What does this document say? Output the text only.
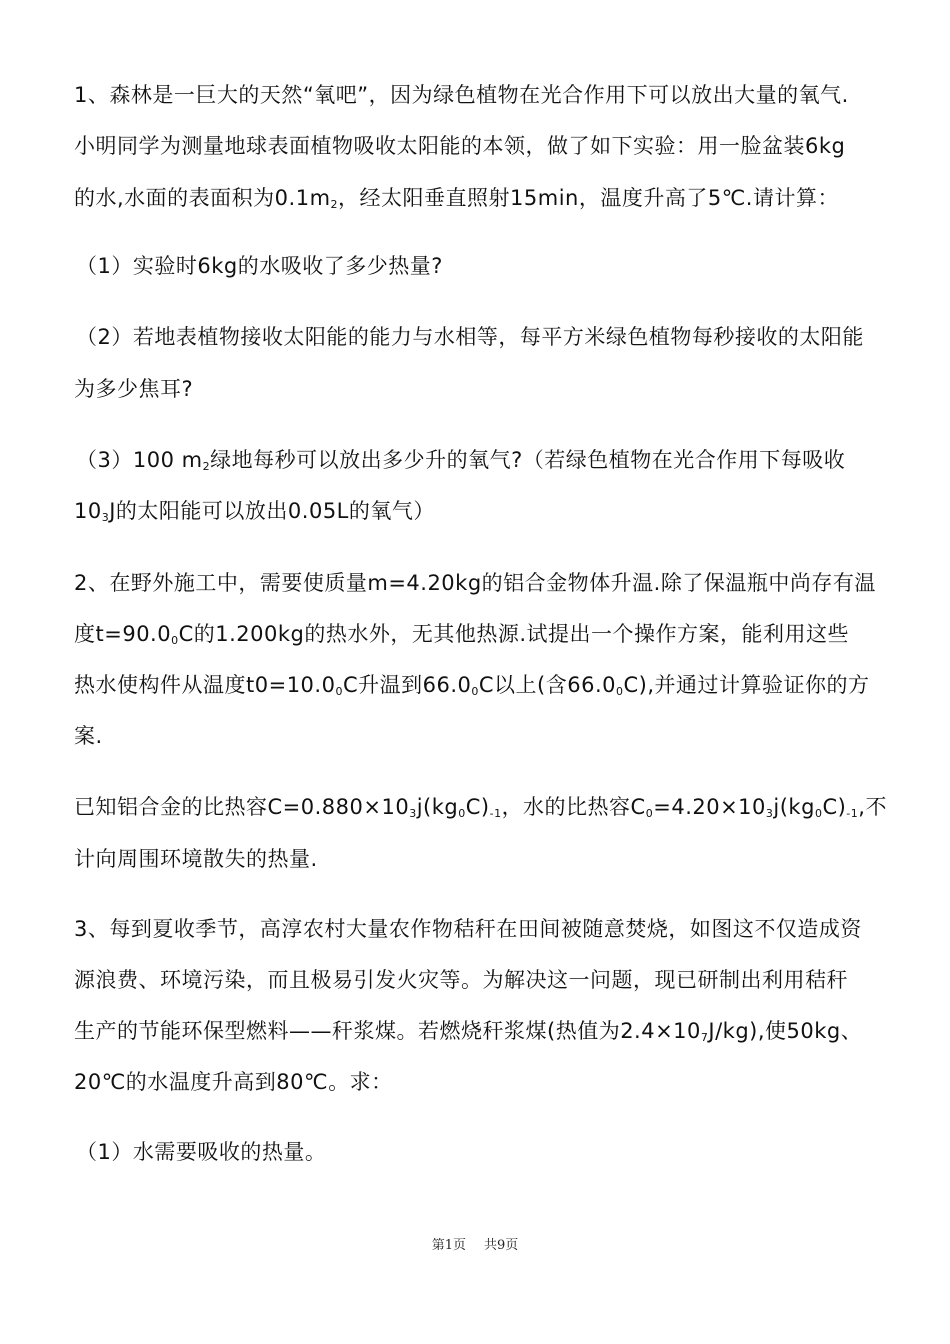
1、森林是一巨大的天然“氧吧”，因为绿色植物在光合作用下可以放出大量的氧气.
小明同学为测量地球表面植物吸收太阳能的本领，做了如下实验：用一脸盆装6kg
的水,水面的表面积为0.1m2，经太阳垂直照射15min，温度升高了5℃.请计算：
（1）实验时6kg的水吸收了多少热量?
（2）若地表植物接收太阳能的能力与水相等，每平方米绿色植物每秒接收的太阳能
为多少焦耳?
（3）100 m2绿地每秒可以放出多少升的氧气?（若绿色植物在光合作用下每吸收
103J的太阳能可以放出0.05L的氧气）
2、在野外施工中，需要使质量m=4.20kg的铝合金物体升温.除了保温瓶中尚存有温
度t=90.00C的1.200kg的热水外，无其他热源.试提出一个操作方案，能利用这些
热水使构件从温度t0=10.00C升温到66.00C以上(含66.00C),并通过计算验证你的方
案.
已知铝合金的比热容C=0.880×103j(kg0C)-1，水的比热容C0=4.20×103j(kg0C)-1,不
计向周围环境散失的热量.
3、每到夏收季节，高淳农村大量农作物秸秆在田间被随意焚烧，如图这不仅造成资
源浪费、环境污染，而且极易引发火灾等。为解决这一问题，现已研制出利用秸秆
生产的节能环保型燃料——秆浆煤。若燃烧秆浆煤(热值为2.4×107J/kg),使50kg、
20℃的水温度升高到80℃。求：
（1）水需要吸收的热量。
第1页 共9页
